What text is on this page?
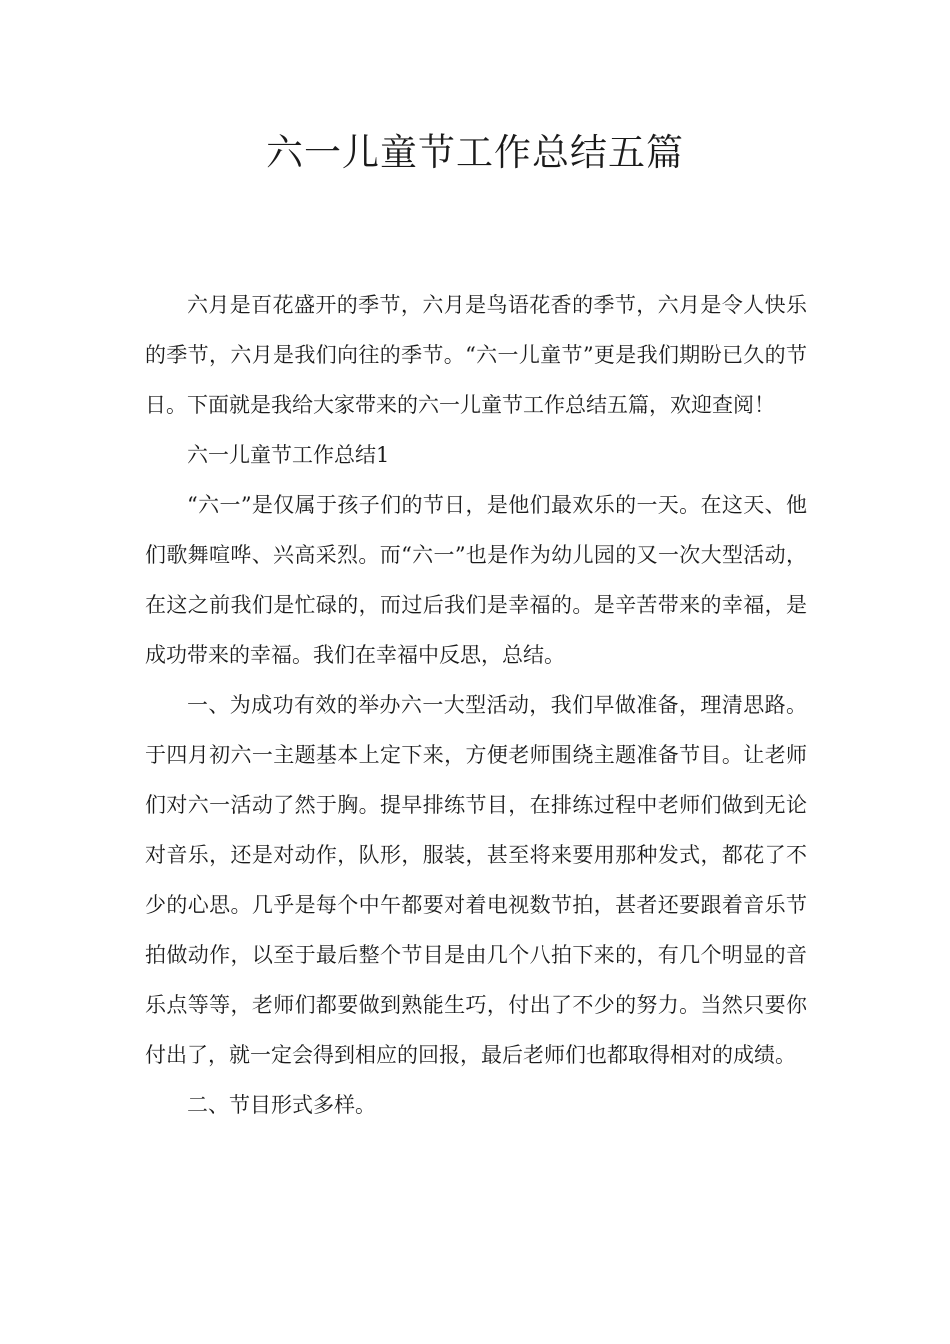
六一儿童节工作总结五篇

六月是百花盛开的季节，六月是鸟语花香的季节，六月是令人快乐的季节，六月是我们向往的季节。“六一儿童节”更是我们期盼已久的节日。下面就是我给大家带来的六一儿童节工作总结五篇，欢迎查阅！

六一儿童节工作总结1

“六一”是仅属于孩子们的节日，是他们最欢乐的一天。在这天、他们歌舞喧哗、兴高采烈。而“六一”也是作为幼儿园的又一次大型活动，在这之前我们是忙碌的，而过后我们是幸福的。是辛苦带来的幸福，是成功带来的幸福。我们在幸福中反思，总结。

一、为成功有效的举办六一大型活动，我们早做准备，理清思路。于四月初六一主题基本上定下来，方便老师围绕主题准备节目。让老师们对六一活动了然于胸。提早排练节目，在排练过程中老师们做到无论对音乐，还是对动作，队形，服装，甚至将来要用那种发式，都花了不少的心思。几乎是每个中午都要对着电视数节拍，甚者还要跟着音乐节拍做动作，以至于最后整个节目是由几个八拍下来的，有几个明显的音乐点等等，老师们都要做到熟能生巧，付出了不少的努力。当然只要你付出了，就一定会得到相应的回报，最后老师们也都取得相对的成绩。

二、节目形式多样。
